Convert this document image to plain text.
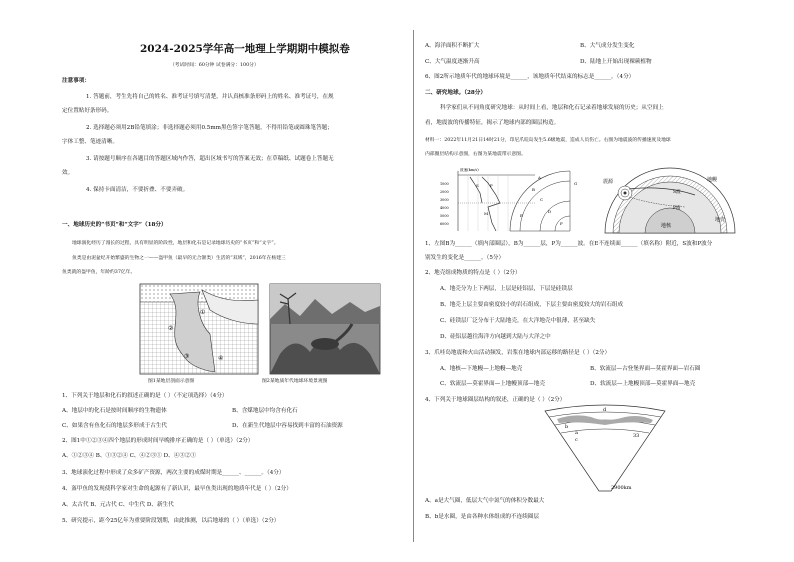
2024-2025学年高一地理上学期期中模拟卷
（考试时间：60分钟 试卷满分：100分）
注意事项：
1. 答题前，考生先将自己的姓名、准考证号填写清楚，并认真核准条形码上的姓名、准考证号，在规
定位置贴好条形码。
2. 选择题必须用2B铅笔填涂；非选择题必须用0.5mm黑色签字笔答题，不得用铅笔或圆珠笔答题；
字体工整、笔迹清晰。
3. 请按题号顺序在各题目的答题区域内作答，超出区域书写的答案无效；在草稿纸、试题卷上答题无
效。
4. 保持卡面清洁，不要折叠、不要弄破。
一、地球历史的“书页”和“文字”（18分）
地球演化经历了漫长的过程，具有明显的阶段性，地层和化石是记录地球历史的“书页”和“文字”。
鱼类是由泥盆纪开始繁盛的生物之一——盔甲鱼（最早的无合颌类）生活的“双域”，2016年在杨建三
鱼类就的盔甲鱼，年龄约37亿年。
①
②
③	④
图1某地层剖面示意图	图2某地质年代地球环境景观图
1、下列关于地层和化石的叙述正确的是（ ）（不定项选择）（4分）
A、地层中的化石是按时间顺序的生物遗体	B、含煤地层中均含有化石
C、如果含有鱼化石的地层多形成于古生代	D、在新生代地层中容易找到丰富的石油资源
2、图1中①②③④四个地层的形成时间早晚排序正确的是（ ）（单选）（2分）
A、①②③④ B、①③②④ C、④②③① D、④③②①
3、地球演化过程中形成了众多矿产资源，两次主要的成煤时期是______、______。（4分）
4、盔甲鱼的发现使科学家对生命的起源有了新认识，最早鱼类出现的地质年代是（ ）（2分）
A、太古代 B、元古代 C、中生代 D、新生代
5、研究提示，距今25亿年为重要阶段划期，由此推测，以后地球的（ ）（单选）（2分）
A、海洋面积不断扩大	B、大气成分发生变化
C、大气温度逐渐升高	D、陆地上开始出现裸蕨植物
6、图2所示地质年代的地球环境是______，该地质年代结束的标志是______。（4分）
二、研究地球。（28分）
科学家们从不同角度研究地球：从时间上看，地层和化石记录着地球发展的历史；从空间上
看，地震波的传播特征，揭示了地球内部的圈层构造。
材料一：2022年11月21日14时21分，印尼爪哇岛发生5.6级地震，造成人员伤亡。右图为地震波的传播速度及地球
内部圈层结构示意图，右图为某地震带示意图。
波速(km/s)
1000
2000
3000
4000
5000
6000
S	P
M
A
B
C
D
E
F
G	震源	地幔
地壳
地核
S波
P波
1、左图B为______（填内部圈层），B为______层，P为______波。在E不连续面______（填名称）附近，S波和P波分
别发生的变化是______。（5分）
2、地壳组成物质的特点是（ ）（2分）
A、地壳分为上下两层，上层是硅铝层，下层是硅镁层
B、地壳上层主要由密度较小的岩石组成，下层主要由密度较大的岩石组成
C、硅镁层厂泛分布于大陆地壳，在大洋地壳中很薄，甚至缺失
D、硅铝层越往海洋方向越到大陆与大洋之中
3、爪哇岛地震和火山活动频发，岩浆在地球内部运移的路径是（ ）（2分）
A、地核—下地幔—上地幔—地壳	B、软流层—古登堡界面—莫霍界面—岩石圈
C、软流层—莫霍界面—上地幔顶部—地壳	D、软流层—上地幔顶部—莫霍界面—地壳
4、下列关于地球圈层结构的叙述，正确的是（ ）（2分）
d
b
c
a	33
2900km
A、a是大气圈，低层大气中氮气的体积分数最大
B、b是水圈，是由各种水体组成的不连续圈层
